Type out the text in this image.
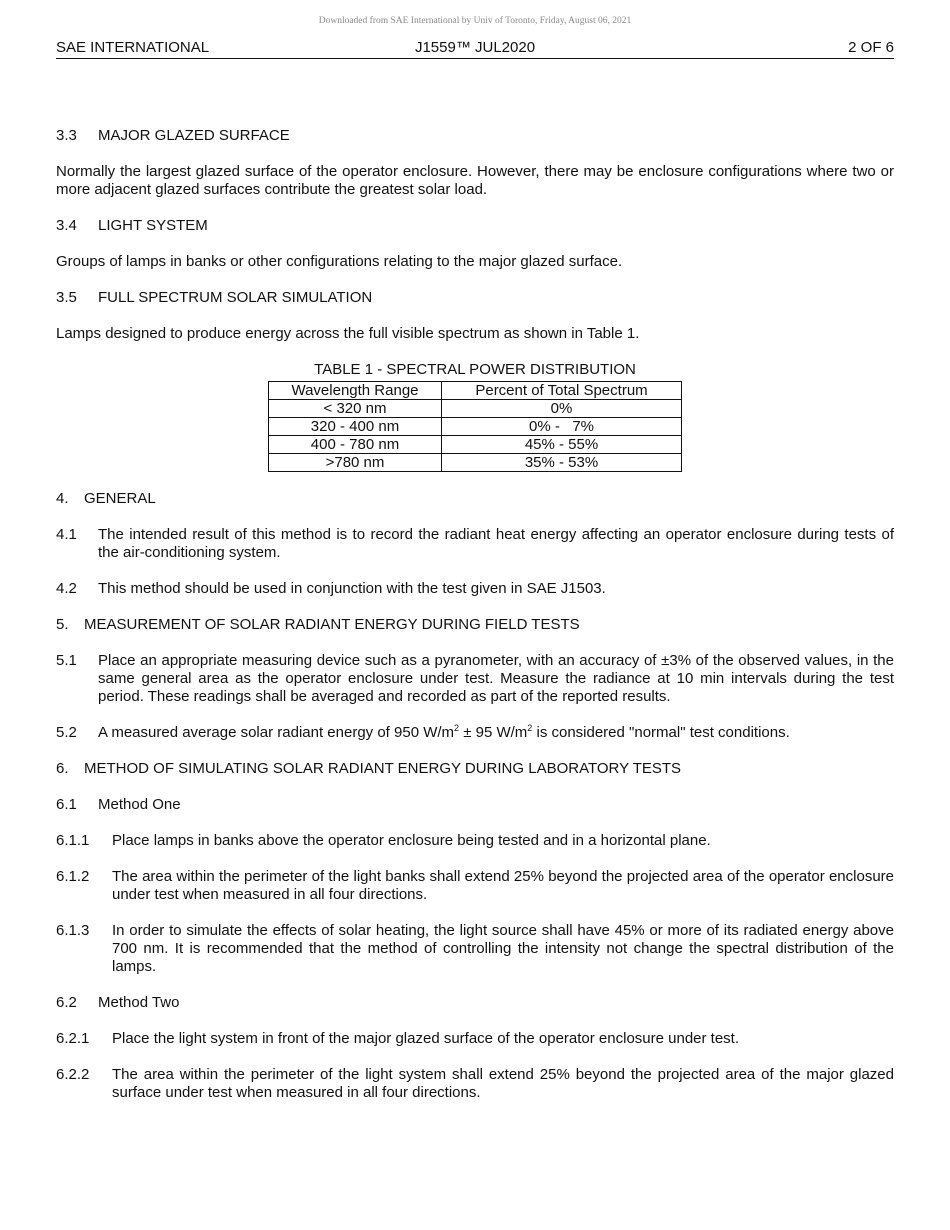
Downloaded from SAE International by Univ of Toronto, Friday, August 06, 2021
SAE INTERNATIONAL	J1559™ JUL2020	2 OF 6
3.3	MAJOR GLAZED SURFACE

Normally the largest glazed surface of the operator enclosure. However, there may be enclosure configurations where two or more adjacent glazed surfaces contribute the greatest solar load.

3.4	LIGHT SYSTEM

Groups of lamps in banks or other configurations relating to the major glazed surface.

3.5	FULL SPECTRUM SOLAR SIMULATION

Lamps designed to produce energy across the full visible spectrum as shown in Table 1.

TABLE 1 - SPECTRAL POWER DISTRIBUTION

Wavelength Range	Percent of Total Spectrum
< 320 nm	0%
320 - 400 nm	0% -   7%
400 - 780 nm	45% - 55%
>780 nm	35% - 53%
4.	GENERAL
4.1	The intended result of this method is to record the radiant heat energy affecting an operator enclosure during tests of the air-conditioning system.
4.2	This method should be used in conjunction with the test given in SAE J1503.
5.	MEASUREMENT OF SOLAR RADIANT ENERGY DURING FIELD TESTS
5.1	Place an appropriate measuring device such as a pyranometer, with an accuracy of ±3% of the observed values, in the same general area as the operator enclosure under test. Measure the radiance at 10 min intervals during the test period. These readings shall be averaged and recorded as part of the reported results.
5.2	A measured average solar radiant energy of 950 $W/m^2 \pm 95$ $W/m^2$ is considered "normal" test conditions.
6.	METHOD OF SIMULATING SOLAR RADIANT ENERGY DURING LABORATORY TESTS
6.1	Method One
6.1.1	Place lamps in banks above the operator enclosure being tested and in a horizontal plane.
6.1.2	The area within the perimeter of the light banks shall extend 25% beyond the projected area of the operator enclosure under test when measured in all four directions.
6.1.3	In order to simulate the effects of solar heating, the light source shall have 45% or more of its radiated energy above 700 nm. It is recommended that the method of controlling the intensity not change the spectral distribution of the lamps.
6.2	Method Two
6.2.1	Place the light system in front of the major glazed surface of the operator enclosure under test.
6.2.2	The area within the perimeter of the light system shall extend 25% beyond the projected area of the major glazed surface under test when measured in all four directions.
